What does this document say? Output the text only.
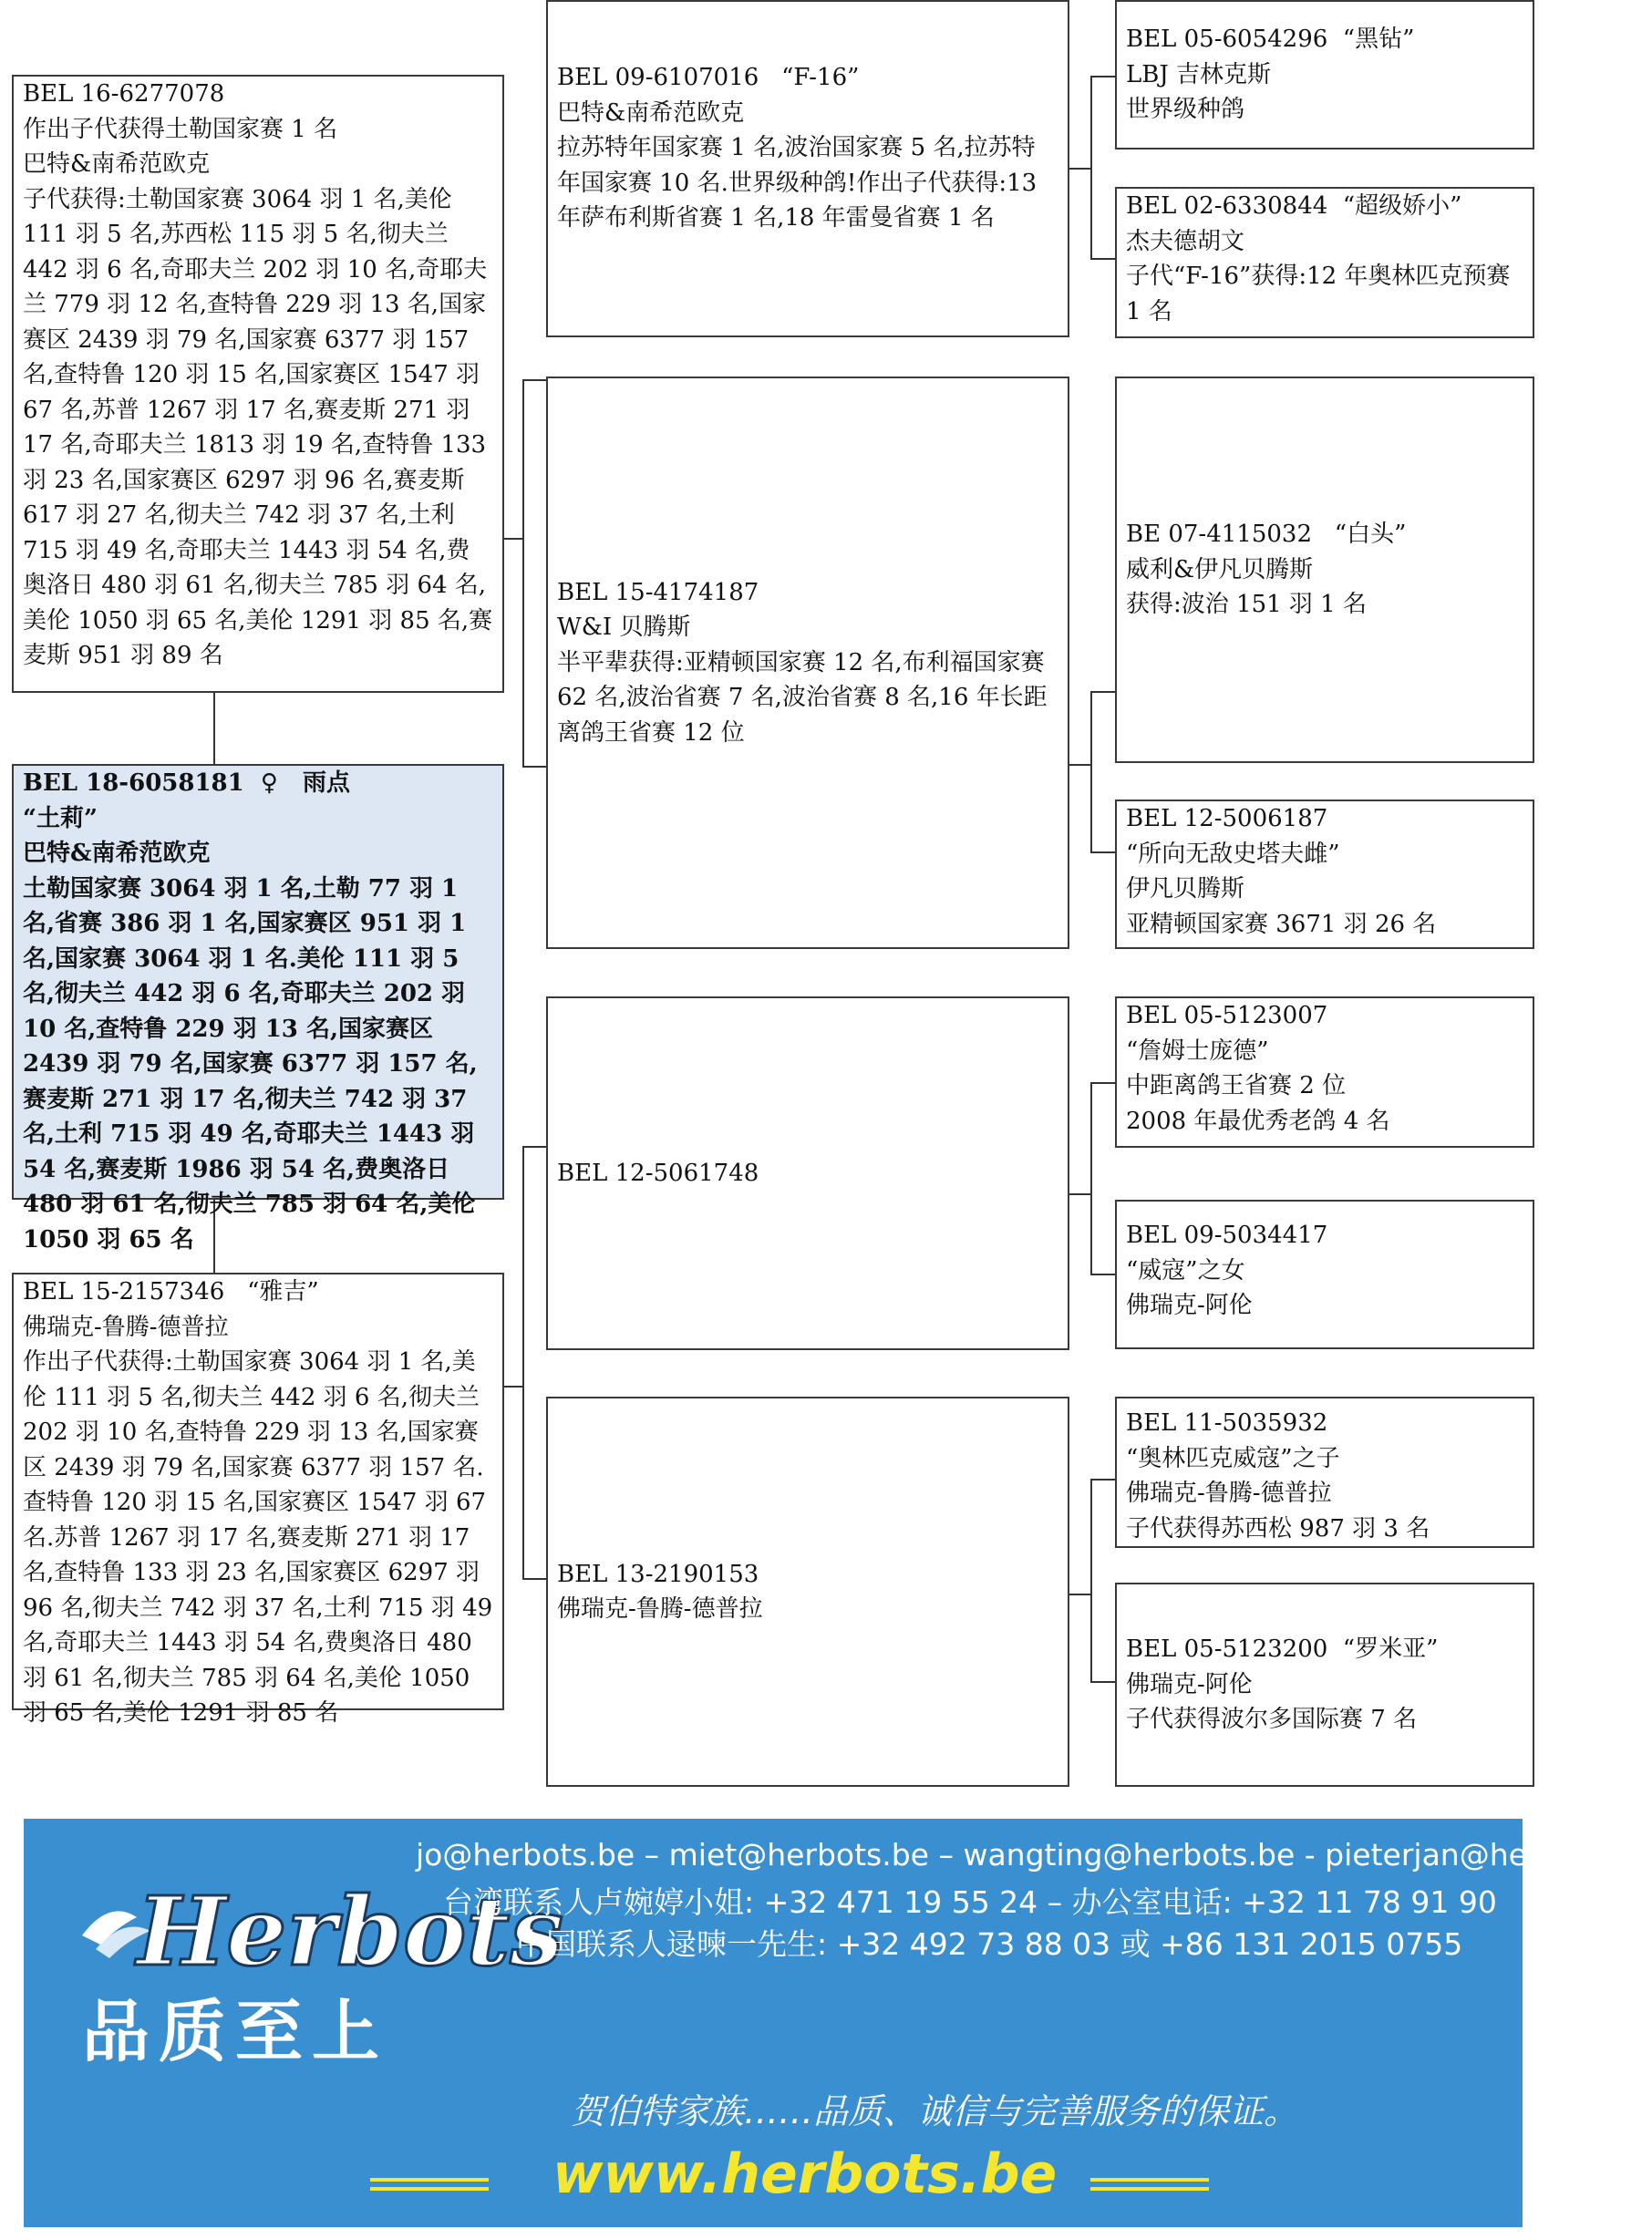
BEL 16-6277078
作出子代获得土勒国家赛 1 名
巴特&南希范欧克
子代获得:土勒国家赛 3064 羽 1 名,美伦 111 羽 5 名,苏西松 115 羽 5 名,彻夫兰 442 羽 6 名,奇耶夫兰 202 羽 10 名,奇耶夫兰 779 羽 12 名,查特鲁 229 羽 13 名,国家赛区 2439 羽 79 名,国家赛 6377 羽 157 名,查特鲁 120 羽 15 名,国家赛区 1547 羽 67 名,苏普 1267 羽 17 名,赛麦斯 271 羽 17 名,奇耶夫兰 1813 羽 19 名,查特鲁 133 羽 23 名,国家赛区 6297 羽 96 名,赛麦斯 617 羽 27 名,彻夫兰 742 羽 37 名,土利 715 羽 49 名,奇耶夫兰 1443 羽 54 名,费奥洛日 480 羽 61 名,彻夫兰 785 羽 64 名,美伦 1050 羽 65 名,美伦 1291 羽 85 名,赛麦斯 951 羽 89 名
BEL 18-6058181  ♀   雨点
“土莉”
巴特&南希范欧克
土勒国家赛 3064 羽 1 名,土勒 77 羽 1 名,省赛 386 羽 1 名,国家赛区 951 羽 1 名,国家赛 3064 羽 1 名.美伦 111 羽 5 名,彻夫兰 442 羽 6 名,奇耶夫兰 202 羽 10 名,查特鲁 229 羽 13 名,国家赛区 2439 羽 79 名,国家赛 6377 羽 157 名,赛麦斯 271 羽 17 名,彻夫兰 742 羽 37 名,土利 715 羽 49 名,奇耶夫兰 1443 羽 54 名,赛麦斯 1986 羽 54 名,费奥洛日 480 羽 61 名,彻夫兰 785 羽 64 名,美伦 1050 羽 65 名
BEL 15-2157346   “雅吉”
佛瑞克-鲁腾-德普拉
作出子代获得:土勒国家赛 3064 羽 1 名,美伦 111 羽 5 名,彻夫兰 442 羽 6 名,彻夫兰 202 羽 10 名,查特鲁 229 羽 13 名,国家赛区 2439 羽 79 名,国家赛 6377 羽 157 名.查特鲁 120 羽 15 名,国家赛区 1547 羽 67 名.苏普 1267 羽 17 名,赛麦斯 271 羽 17 名,查特鲁 133 羽 23 名,国家赛区 6297 羽 96 名,彻夫兰 742 羽 37 名,土利 715 羽 49 名,奇耶夫兰 1443 羽 54 名,费奥洛日 480 羽 61 名,彻夫兰 785 羽 64 名,美伦 1050 羽 65 名,美伦 1291 羽 85 名
BEL 09-6107016   “F-16”
巴特&南希范欧克
拉苏特年国家赛 1 名,波治国家赛 5 名,拉苏特年国家赛 10 名.世界级种鸽!作出子代获得:13 年萨布利斯省赛 1 名,18 年雷曼省赛 1 名
BEL 15-4174187
W&I 贝腾斯
半平辈获得:亚精顿国家赛 12 名,布利福国家赛 62 名,波治省赛 7 名,波治省赛 8 名,16 年长距离鸽王省赛 12 位
BEL 12-5061748
BEL 13-2190153
佛瑞克-鲁腾-德普拉
BEL 05-6054296  “黑钻”
LBJ 吉林克斯
世界级种鸽
BEL 02-6330844  “超级娇小”
杰夫德胡文
子代“F-16”获得:12 年奥林匹克预赛 1 名
BE 07-4115032   “白头”
威利&伊凡贝腾斯
获得:波治 151 羽 1 名
BEL 12-5006187
“所向无敌史塔夫雌”
伊凡贝腾斯
亚精顿国家赛 3671 羽 26 名
BEL 05-5123007
“詹姆士庞德”
中距离鸽王省赛 2 位
2008 年最优秀老鸽 4 名
BEL 09-5034417
“威寇”之女
佛瑞克-阿伦
BEL 11-5035932
“奥林匹克威寇”之子
佛瑞克-鲁腾-德普拉
子代获得苏西松 987 羽 3 名
BEL 05-5123200  “罗米亚”
佛瑞克-阿伦
子代获得波尔多国际赛 7 名
Herbots
品质至上
jo@herbots.be – miet@herbots.be – wangting@herbots.be - pieterjan@herbots.be
台湾联系人卢婉婷小姐: +32 471 19 55 24 – 办公室电话: +32 11 78 91 90
中国联系人逯暕一先生: +32 492 73 88 03 或 +86 131 2015 0755
贺伯特家族……品质、诚信与完善服务的保证。
www.herbots.be
